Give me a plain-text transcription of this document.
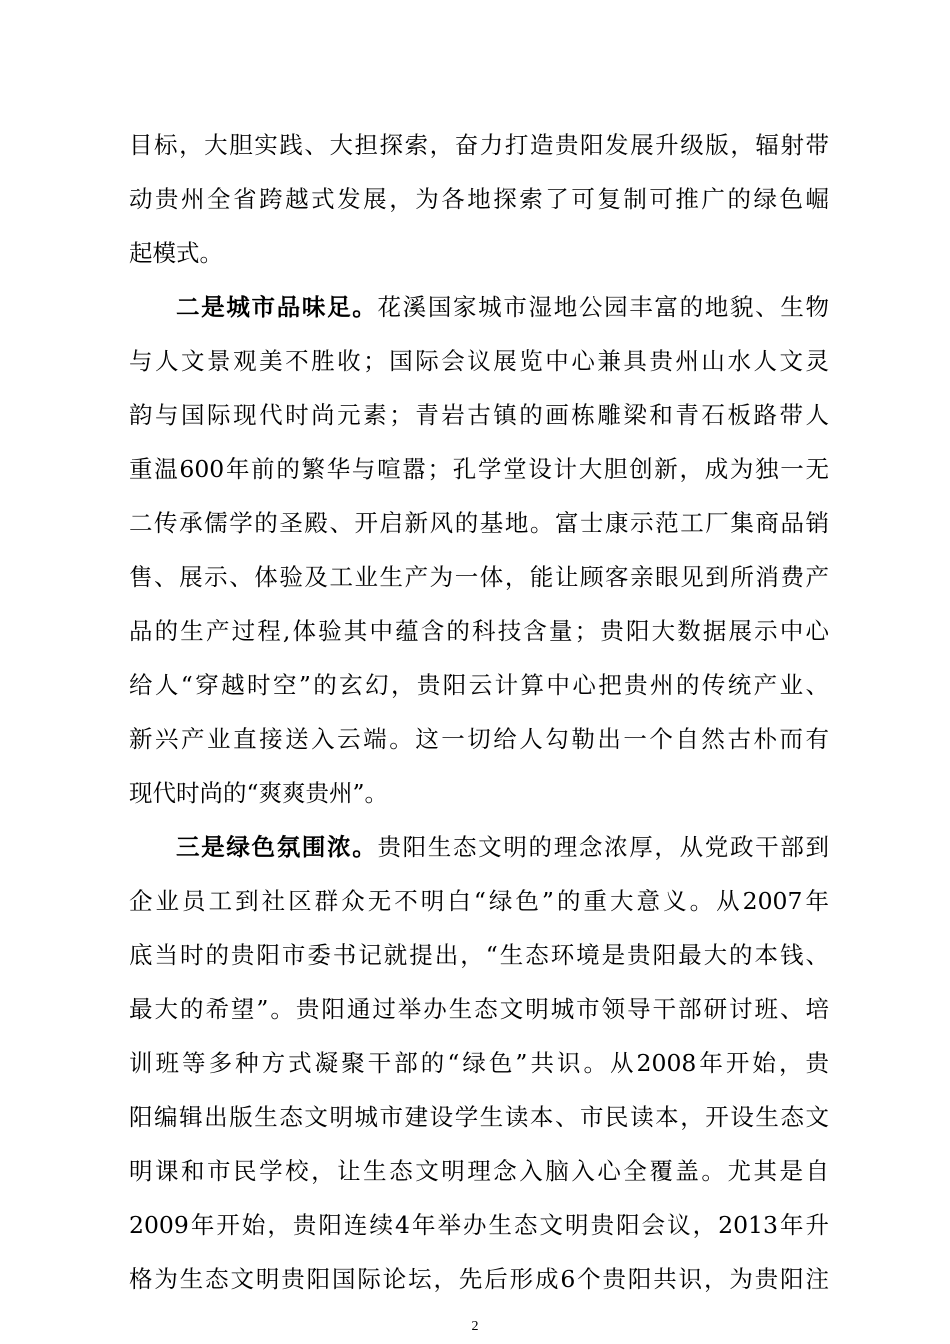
目标，大胆实践、大担探索，奋力打造贵阳发展升级版，辐射带
动贵州全省跨越式发展，为各地探索了可复制可推广的绿色崛
起模式。
二是城市品味足。花溪国家城市湿地公园丰富的地貌、生物
与人文景观美不胜收；国际会议展览中心兼具贵州山水人文灵
韵与国际现代时尚元素；青岩古镇的画栋雕梁和青石板路带人
重温600年前的繁华与喧嚣；孔学堂设计大胆创新，成为独一无
二传承儒学的圣殿、开启新风的基地。富士康示范工厂集商品销
售、展示、体验及工业生产为一体，能让顾客亲眼见到所消费产
品的生产过程,体验其中蕴含的科技含量；贵阳大数据展示中心
给人“穿越时空”的玄幻，贵阳云计算中心把贵州的传统产业、
新兴产业直接送入云端。这一切给人勾勒出一个自然古朴而有
现代时尚的“爽爽贵州”。
三是绿色氛围浓。贵阳生态文明的理念浓厚，从党政干部到
企业员工到社区群众无不明白“绿色”的重大意义。从2007年
底当时的贵阳市委书记就提出，“生态环境是贵阳最大的本钱、
最大的希望”。贵阳通过举办生态文明城市领导干部研讨班、培
训班等多种方式凝聚干部的“绿色”共识。从2008年开始，贵
阳编辑出版生态文明城市建设学生读本、市民读本，开设生态文
明课和市民学校，让生态文明理念入脑入心全覆盖。尤其是自
2009年开始，贵阳连续4年举办生态文明贵阳会议，2013年升
格为生态文明贵阳国际论坛，先后形成6个贵阳共识，为贵阳注
2
